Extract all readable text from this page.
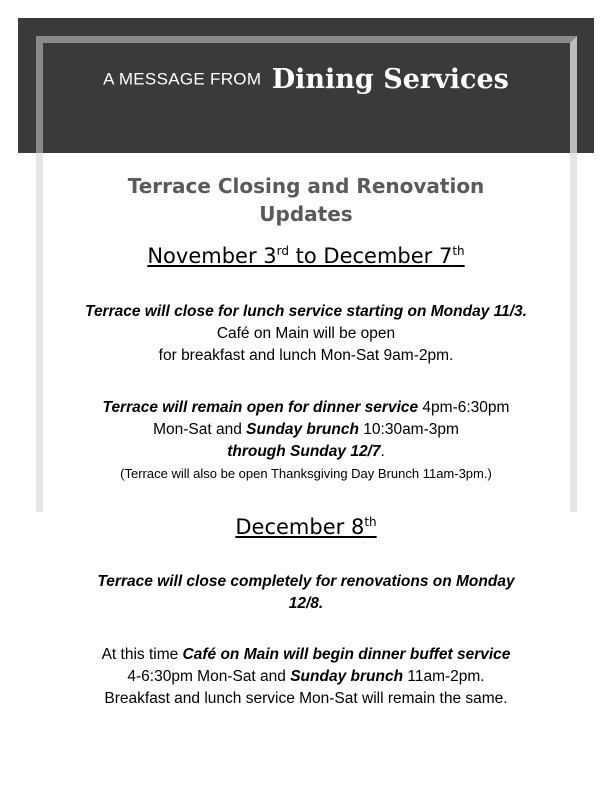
A MESSAGE FROM Dining Services
Terrace Closing and Renovation
Updates
November 3rd to December 7th
Terrace will close for lunch service starting on Monday 11/3.
Café on Main will be open
for breakfast and lunch Mon-Sat 9am-2pm.
Terrace will remain open for dinner service 4pm-6:30pm
Mon-Sat and Sunday brunch 10:30am-3pm
through Sunday 12/7.
(Terrace will also be open Thanksgiving Day Brunch 11am-3pm.)
December 8th
Terrace will close completely for renovations on Monday
12/8.
At this time Café on Main will begin dinner buffet service
4-6:30pm Mon-Sat and Sunday brunch 11am-2pm.
Breakfast and lunch service Mon-Sat will remain the same.
